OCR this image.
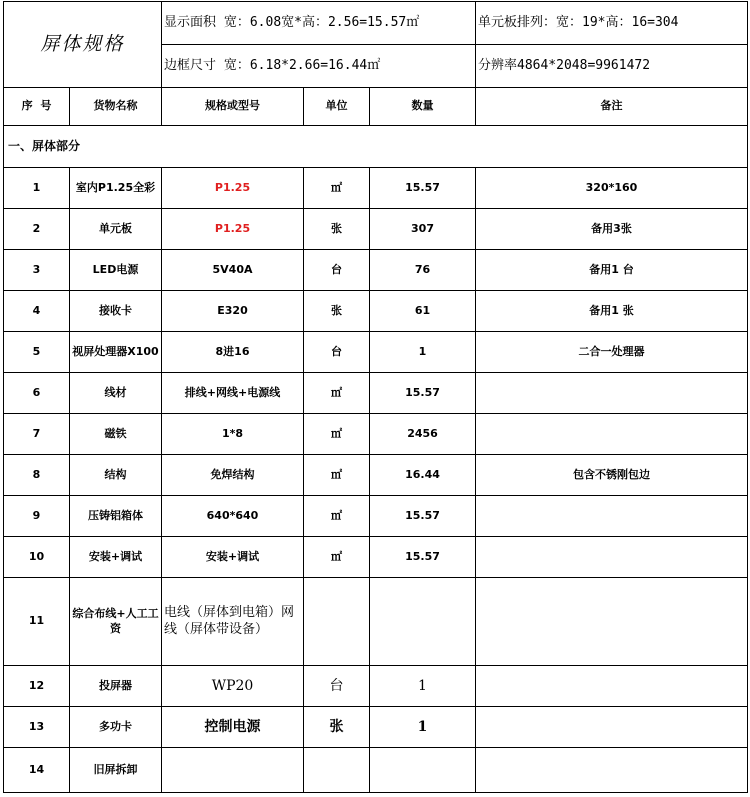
屏体规格		显示面积 宽：6.08宽*高：2.56=15.57㎡			单元板排列：宽：19*高：16=304
		边框尺寸 宽：6.18*2.66=16.44㎡			分辨率4864*2048=9961472
序  号	货物名称	规格或型号	单位	数量	备注
一、屏体部分					
1	室内P1.25全彩	P1.25	㎡	15.57	320*160
2	单元板	P1.25	张	307	备用3张
3	LED电源	5V40A	台	76	备用1 台
4	接收卡	E320	张	61	备用1 张
5	视屏处理器X100	8进16	台	1	二合一处理器
6	线材	排线+网线+电源线	㎡	15.57	
7	磁铁	1*8	㎡	2456	
8	结构	免焊结构	㎡	16.44	包含不锈刚包边
9	压铸铝箱体	640*640	㎡	15.57	
10	安装+调试	安装+调试	㎡	15.57	
11	综合布线+人工工资	电线（屏体到电箱）网线（屏体带设备）			
12	投屏器	WP20	台	1	
13	多功卡	控制电源	张	1	
14	旧屏拆卸				
